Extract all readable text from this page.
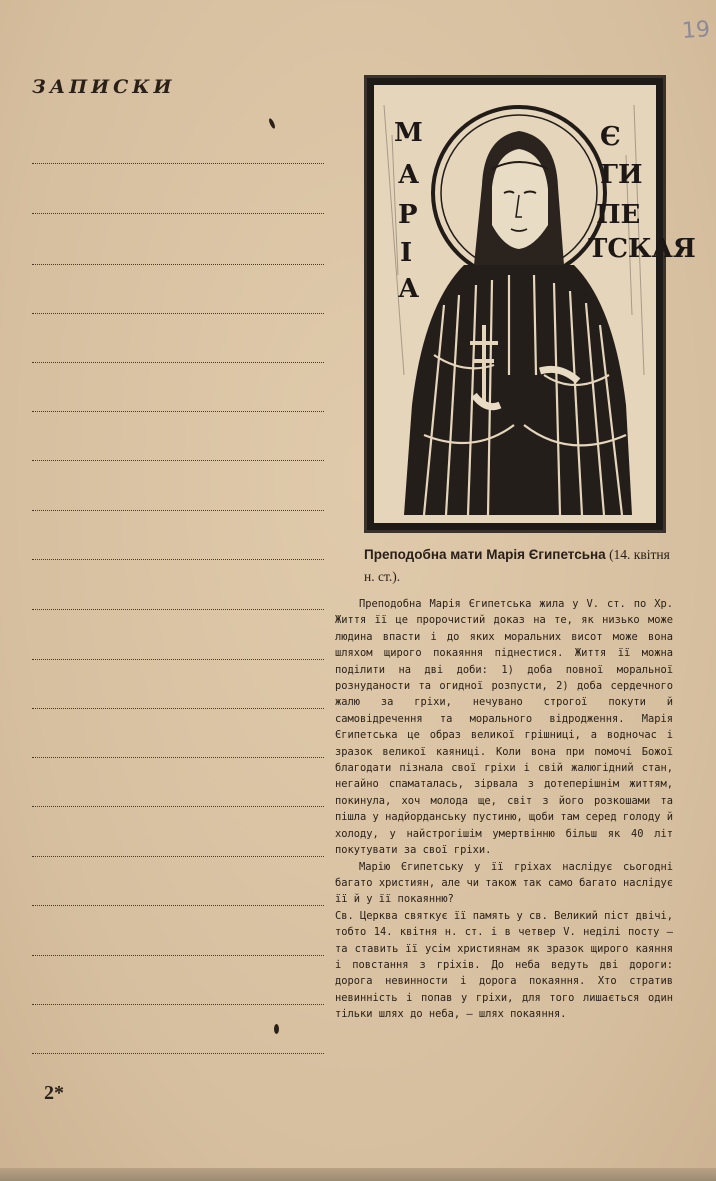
19
ЗАПИСКИ
М
А
Р
І
А
Є
ГИ
ПЕ
ТСКАЯ
Преподобна мати Марія Єгипетсьна (14. квітня н. ст.).

Преподобна Марія Єгипетська жила у V. ст. по Хр. Життя її це пророчистий доказ на те, як низько може людина впасти і до яких моральних висот може вона шляхом щирого покаяння піднестися. Життя її можна поділити на дві доби: 1) доба повної моральної рознуданости та огидної розпусти, 2) доба сердечного жалю за гріхи, нечувано строгої покути й самовідречення та морального відродження. Марія Єгипетська це образ великої грішниці, а водночас і зразок великої каяниці. Коли вона при помочі Божої благодати пізнала свої гріхи і свій жалюгідний стан, негайно спаматалась, зірвала з дотеперішнім життям, покинула, хоч молода ще, світ з його розкошами та пішла у надйорданську пустиню, щоби там серед голоду й холоду, у найстрогішім умертвінню більш як 40 літ покутувати за свої гріхи.

Марію Єгипетську у її гріхах наслідує сьогодні багато християн, але чи також так само багато наслідує її й у її покаянню?

Св. Церква святкує її память у св. Великий піст двічі, тобто 14. квітня н. ст. і в четвер V. неділі посту — та ставить її усім християнам як зразок щирого каяння і повстання з гріхів. До неба ведуть дві дороги: дорога невинности і дорога покаяння. Хто стратив невинність і попав у гріхи, для того лишається один тільки шлях до неба, — шлях покаяння.

2*
